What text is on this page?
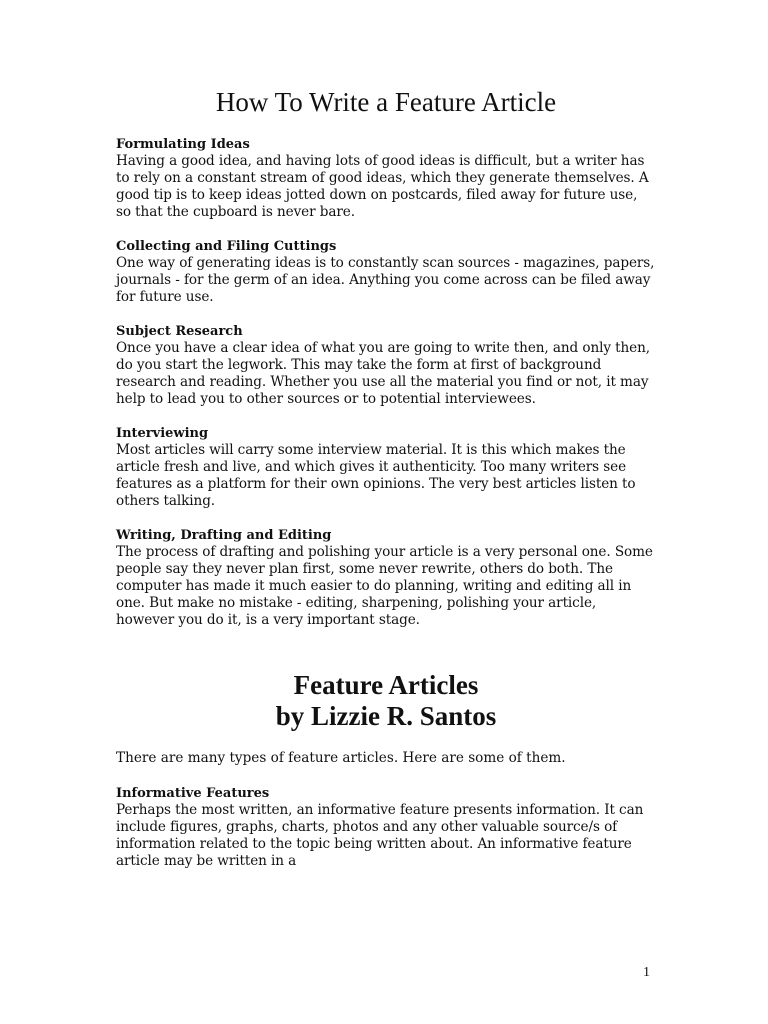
How To Write a Feature Article

Formulating Ideas

Having a good idea, and having lots of good ideas is difficult, but a writer has to rely on a constant stream of good ideas, which they generate themselves. A good tip is to keep ideas jotted down on postcards, filed away for future use, so that the cupboard is never bare.

Collecting and Filing Cuttings

One way of generating ideas is to constantly scan sources - magazines, papers, journals - for the germ of an idea. Anything you come across can be filed away for future use.

Subject Research

Once you have a clear idea of what you are going to write then, and only then, do you start the legwork. This may take the form at first of background research and reading. Whether you use all the material you find or not, it may help to lead you to other sources or to potential interviewees.

Interviewing

Most articles will carry some interview material. It is this which makes the article fresh and live, and which gives it authenticity. Too many writers see features as a platform for their own opinions. The very best articles listen to others talking.

Writing, Drafting and Editing

The process of drafting and polishing your article is a very personal one. Some people say they never plan first, some never rewrite, others do both. The computer has made it much easier to do planning, writing and editing all in one. But make no mistake - editing, sharpening, polishing your article, however you do it, is a very important stage.

Feature Articles
by Lizzie R. Santos

There are many types of feature articles. Here are some of them.

Informative Features

Perhaps the most written, an informative feature presents information. It can include figures, graphs, charts, photos and any other valuable source/s of information related to the topic being written about. An informative feature article may be written in a

1
